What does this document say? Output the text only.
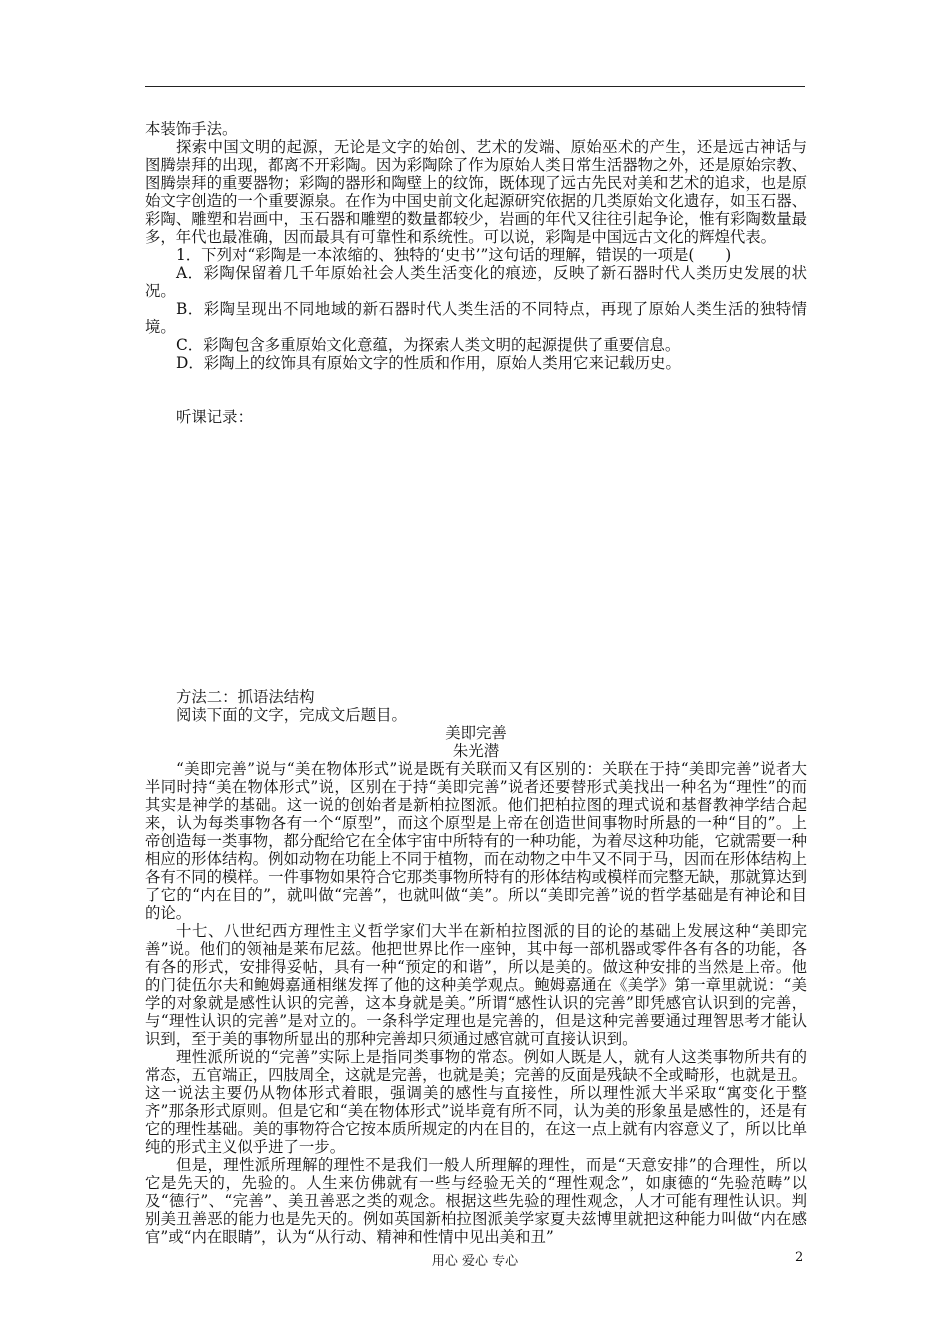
本装饰手法。

探索中国文明的起源，无论是文字的始创、艺术的发端、原始巫术的产生，还是远古神话与图腾崇拜的出现，都离不开彩陶。因为彩陶除了作为原始人类日常生活器物之外，还是原始宗教、图腾崇拜的重要器物；彩陶的器形和陶壁上的纹饰，既体现了远古先民对美和艺术的追求，也是原始文字创造的一个重要源泉。在作为中国史前文化起源研究依据的几类原始文化遗存，如玉石器、彩陶、雕塑和岩画中，玉石器和雕塑的数量都较少，岩画的年代又往往引起争论，惟有彩陶数量最多，年代也最准确，因而最具有可靠性和系统性。可以说，彩陶是中国远古文化的辉煌代表。

1．下列对“彩陶是一本浓缩的、独特的‘史书’”这句话的理解，错误的一项是(　　)

A．彩陶保留着几千年原始社会人类生活变化的痕迹，反映了新石器时代人类历史发展的状况。

B．彩陶呈现出不同地域的新石器时代人类生活的不同特点，再现了原始人类生活的独特情境。

C．彩陶包含多重原始文化意蕴，为探索人类文明的起源提供了重要信息。

D．彩陶上的纹饰具有原始文字的性质和作用，原始人类用它来记载历史。

听课记录：

方法二：抓语法结构

阅读下面的文字，完成文后题目。

美即完善

朱光潜

“美即完善”说与“美在物体形式”说是既有关联而又有区别的：关联在于持“美即完善”说者大半同时持“美在物体形式”说，区别在于持“美即完善”说者还要替形式美找出一种名为“理性”的而其实是神学的基础。这一说的创始者是新柏拉图派。他们把柏拉图的理式说和基督教神学结合起来，认为每类事物各有一个“原型”，而这个原型是上帝在创造世间事物时所悬的一种“目的”。上帝创造每一类事物，都分配给它在全体宇宙中所特有的一种功能，为着尽这种功能，它就需要一种相应的形体结构。例如动物在功能上不同于植物，而在动物之中牛又不同于马，因而在形体结构上各有不同的模样。一件事物如果符合它那类事物所特有的形体结构或模样而完整无缺，那就算达到了它的“内在目的”，就叫做“完善”，也就叫做“美”。所以“美即完善”说的哲学基础是有神论和目的论。

十七、八世纪西方理性主义哲学家们大半在新柏拉图派的目的论的基础上发展这种“美即完善”说。他们的领袖是莱布尼兹。他把世界比作一座钟，其中每一部机器或零件各有各的功能，各有各的形式，安排得妥帖，具有一种“预定的和谐”，所以是美的。做这种安排的当然是上帝。他的门徒伍尔夫和鲍姆嘉通相继发挥了他的这种美学观点。鲍姆嘉通在《美学》第一章里就说：“美学的对象就是感性认识的完善，这本身就是美。”所谓“感性认识的完善”即凭感官认识到的完善，与“理性认识的完善”是对立的。一条科学定理也是完善的，但是这种完善要通过理智思考才能认识到，至于美的事物所显出的那种完善却只须通过感官就可直接认识到。

理性派所说的“完善”实际上是指同类事物的常态。例如人既是人，就有人这类事物所共有的常态，五官端正，四肢周全，这就是完善，也就是美；完善的反面是残缺不全或畸形，也就是丑。这一说法主要仍从物体形式着眼，强调美的感性与直接性，所以理性派大半采取“寓变化于整齐”那条形式原则。但是它和“美在物体形式”说毕竟有所不同，认为美的形象虽是感性的，还是有它的理性基础。美的事物符合它按本质所规定的内在目的，在这一点上就有内容意义了，所以比单纯的形式主义似乎进了一步。

但是，理性派所理解的理性不是我们一般人所理解的理性，而是“天意安排”的合理性，所以它是先天的，先验的。人生来仿佛就有一些与经验无关的“理性观念”，如康德的“先验范畴”以及“德行”、“完善”、美丑善恶之类的观念。根据这些先验的理性观念，人才可能有理性认识。判别美丑善恶的能力也是先天的。例如英国新柏拉图派美学家夏夫兹博里就把这种能力叫做“内在感官”或“内在眼睛”，认为“从行动、精神和性情中见出美和丑”

用心 爱心 专心	2
